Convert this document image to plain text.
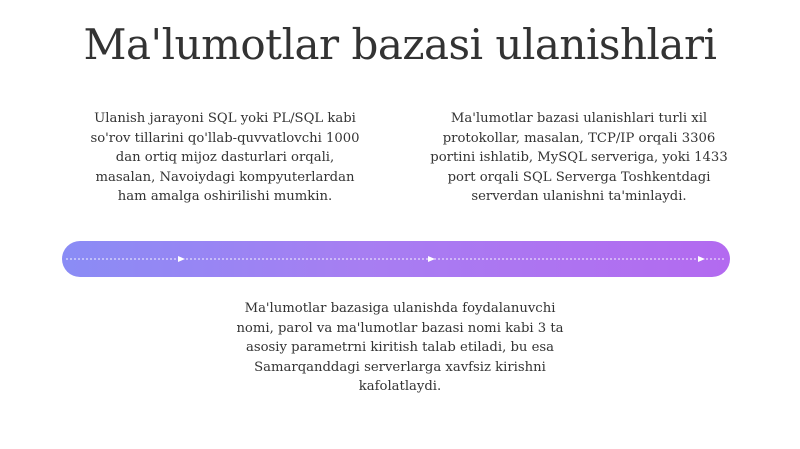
Ma'lumotlar bazasi ulanishlari
Ulanish jarayoni SQL yoki PL/SQL kabi
so'rov tillarini qo'llab-quvvatlovchi 1000
dan ortiq mijoz dasturlari orqali,
masalan, Navoiydagi kompyuterlardan
ham amalga oshirilishi mumkin.
Ma'lumotlar bazasi ulanishlari turli xil
protokollar, masalan, TCP/IP orqali 3306
portini ishlatib, MySQL serveriga, yoki 1433
port orqali SQL Serverga Toshkentdagi
serverdan ulanishni ta'minlaydi.
Ma'lumotlar bazasiga ulanishda foydalanuvchi
nomi, parol va ma'lumotlar bazasi nomi kabi 3 ta
asosiy parametrni kiritish talab etiladi, bu esa
Samarqanddagi serverlarga xavfsiz kirishni
kafolatlaydi.
